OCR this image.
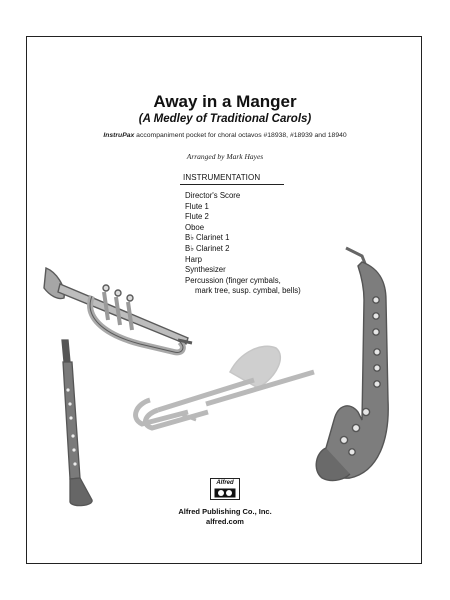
Away in a Manger
(A Medley of Traditional Carols)
InstruPax accompaniment pocket for choral octavos #18938, #18939 and 18940
Arranged by Mark Hayes
INSTRUMENTATION
Director's Score
Flute 1
Flute 2
Oboe
B♭ Clarinet 1
B♭ Clarinet 2
Harp
Synthesizer
Percussion (finger cymbals,
mark tree, susp. cymbal, bells)
Alfred
Alfred Publishing Co., Inc.
alfred.com
